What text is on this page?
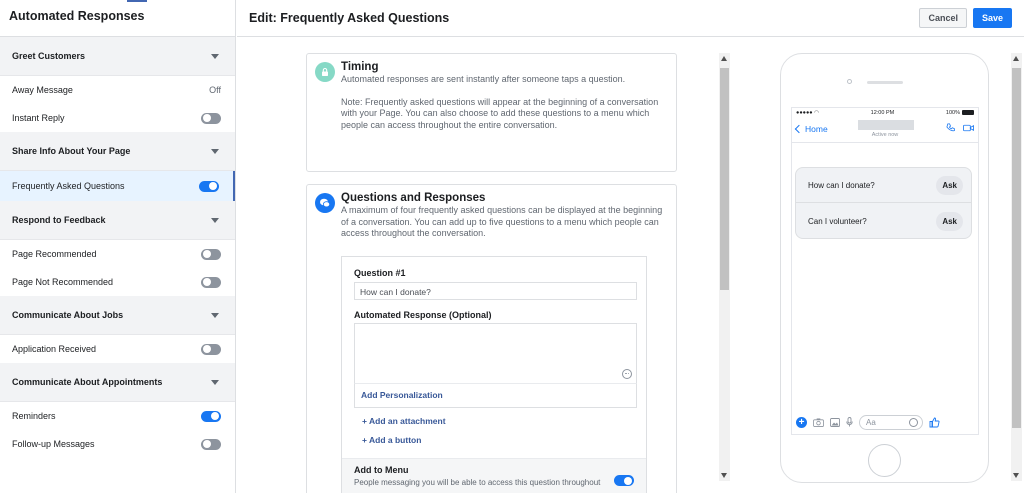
Automated Responses
Greet Customers
Away Message	Off
Instant Reply
Share Info About Your Page
Frequently Asked Questions
Respond to Feedback
Page Recommended
Page Not Recommended
Communicate About Jobs
Application Received
Communicate About Appointments
Reminders
Follow-up Messages
Edit: Frequently Asked Questions	Cancel	Save
Timing

Automated responses are sent instantly after someone taps a question.

Note: Frequently asked questions will appear at the beginning of a conversation with your Page. You can also choose to add these questions to a menu which people can access throughout the entire conversation.

Questions and Responses
A maximum of four frequently asked questions can be displayed at the beginning of a conversation. You can add up to five questions to a menu which people can access throughout the conversation.
Question #1
How can I donate?
Automated Response (Optional)
Add Personalization
+ Add an attachment
+ Add a button
Add to Menu
People messaging you will be able to access this question throughout
●●●●● ◠	12:00 PM	100%
Home
Active now
How can I donate?	Ask
Can I volunteer?	Ask
+	Aa
